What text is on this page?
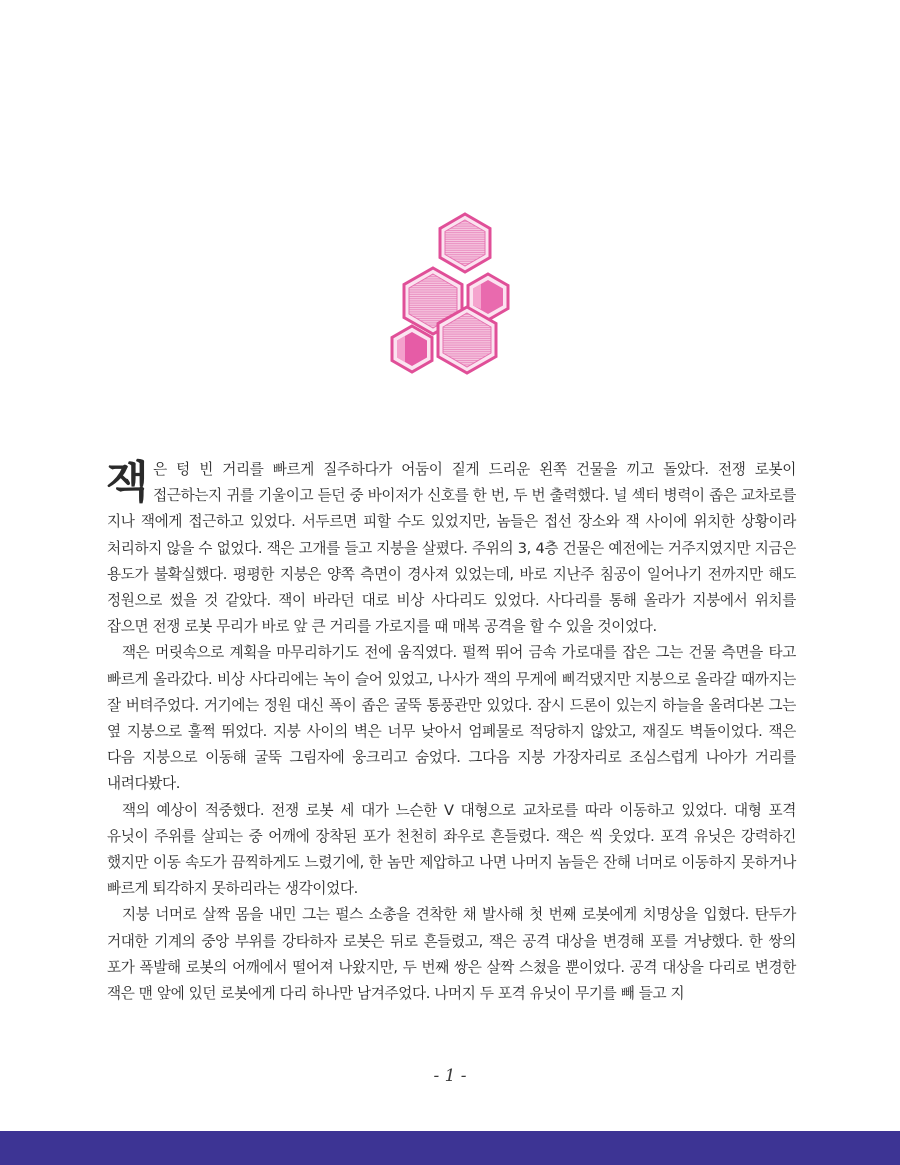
잭은 텅 빈 거리를 빠르게 질주하다가 어둠이 짙게 드리운 왼쪽 건물을 끼고 돌았다. 전쟁 로봇이 접근하는지 귀를 기울이고 듣던 중 바이저가 신호를 한 번, 두 번 출력했다. 널 섹터 병력이 좁은 교차로를 지나 잭에게 접근하고 있었다. 서두르면 피할 수도 있었지만, 놈들은 접선 장소와 잭 사이에 위치한 상황이라 처리하지 않을 수 없었다. 잭은 고개를 들고 지붕을 살폈다. 주위의 3, 4층 건물은 예전에는 거주지였지만 지금은 용도가 불확실했다. 평평한 지붕은 양쪽 측면이 경사져 있었는데, 바로 지난주 침공이 일어나기 전까지만 해도 정원으로 썼을 것 같았다. 잭이 바라던 대로 비상 사다리도 있었다. 사다리를 통해 올라가 지붕에서 위치를 잡으면 전쟁 로봇 무리가 바로 앞 큰 거리를 가로지를 때 매복 공격을 할 수 있을 것이었다.

잭은 머릿속으로 계획을 마무리하기도 전에 움직였다. 펄쩍 뛰어 금속 가로대를 잡은 그는 건물 측면을 타고 빠르게 올라갔다. 비상 사다리에는 녹이 슬어 있었고, 나사가 잭의 무게에 삐걱댔지만 지붕으로 올라갈 때까지는 잘 버텨주었다. 거기에는 정원 대신 폭이 좁은 굴뚝 통풍관만 있었다. 잠시 드론이 있는지 하늘을 올려다본 그는 옆 지붕으로 훌쩍 뛰었다. 지붕 사이의 벽은 너무 낮아서 엄폐물로 적당하지 않았고, 재질도 벽돌이었다. 잭은 다음 지붕으로 이동해 굴뚝 그림자에 웅크리고 숨었다. 그다음 지붕 가장자리로 조심스럽게 나아가 거리를 내려다봤다.

잭의 예상이 적중했다. 전쟁 로봇 세 대가 느슨한 V 대형으로 교차로를 따라 이동하고 있었다. 대형 포격 유닛이 주위를 살피는 중 어깨에 장착된 포가 천천히 좌우로 흔들렸다. 잭은 씩 웃었다. 포격 유닛은 강력하긴 했지만 이동 속도가 끔찍하게도 느렸기에, 한 놈만 제압하고 나면 나머지 놈들은 잔해 너머로 이동하지 못하거나 빠르게 퇴각하지 못하리라는 생각이었다.

지붕 너머로 살짝 몸을 내민 그는 펄스 소총을 견착한 채 발사해 첫 번째 로봇에게 치명상을 입혔다. 탄두가 거대한 기계의 중앙 부위를 강타하자 로봇은 뒤로 흔들렸고, 잭은 공격 대상을 변경해 포를 겨냥했다. 한 쌍의 포가 폭발해 로봇의 어깨에서 떨어져 나왔지만, 두 번째 쌍은 살짝 스쳤을 뿐이었다. 공격 대상을 다리로 변경한 잭은 맨 앞에 있던 로봇에게 다리 하나만 남겨주었다. 나머지 두 포격 유닛이 무기를 빼 들고 지

- 1 -
